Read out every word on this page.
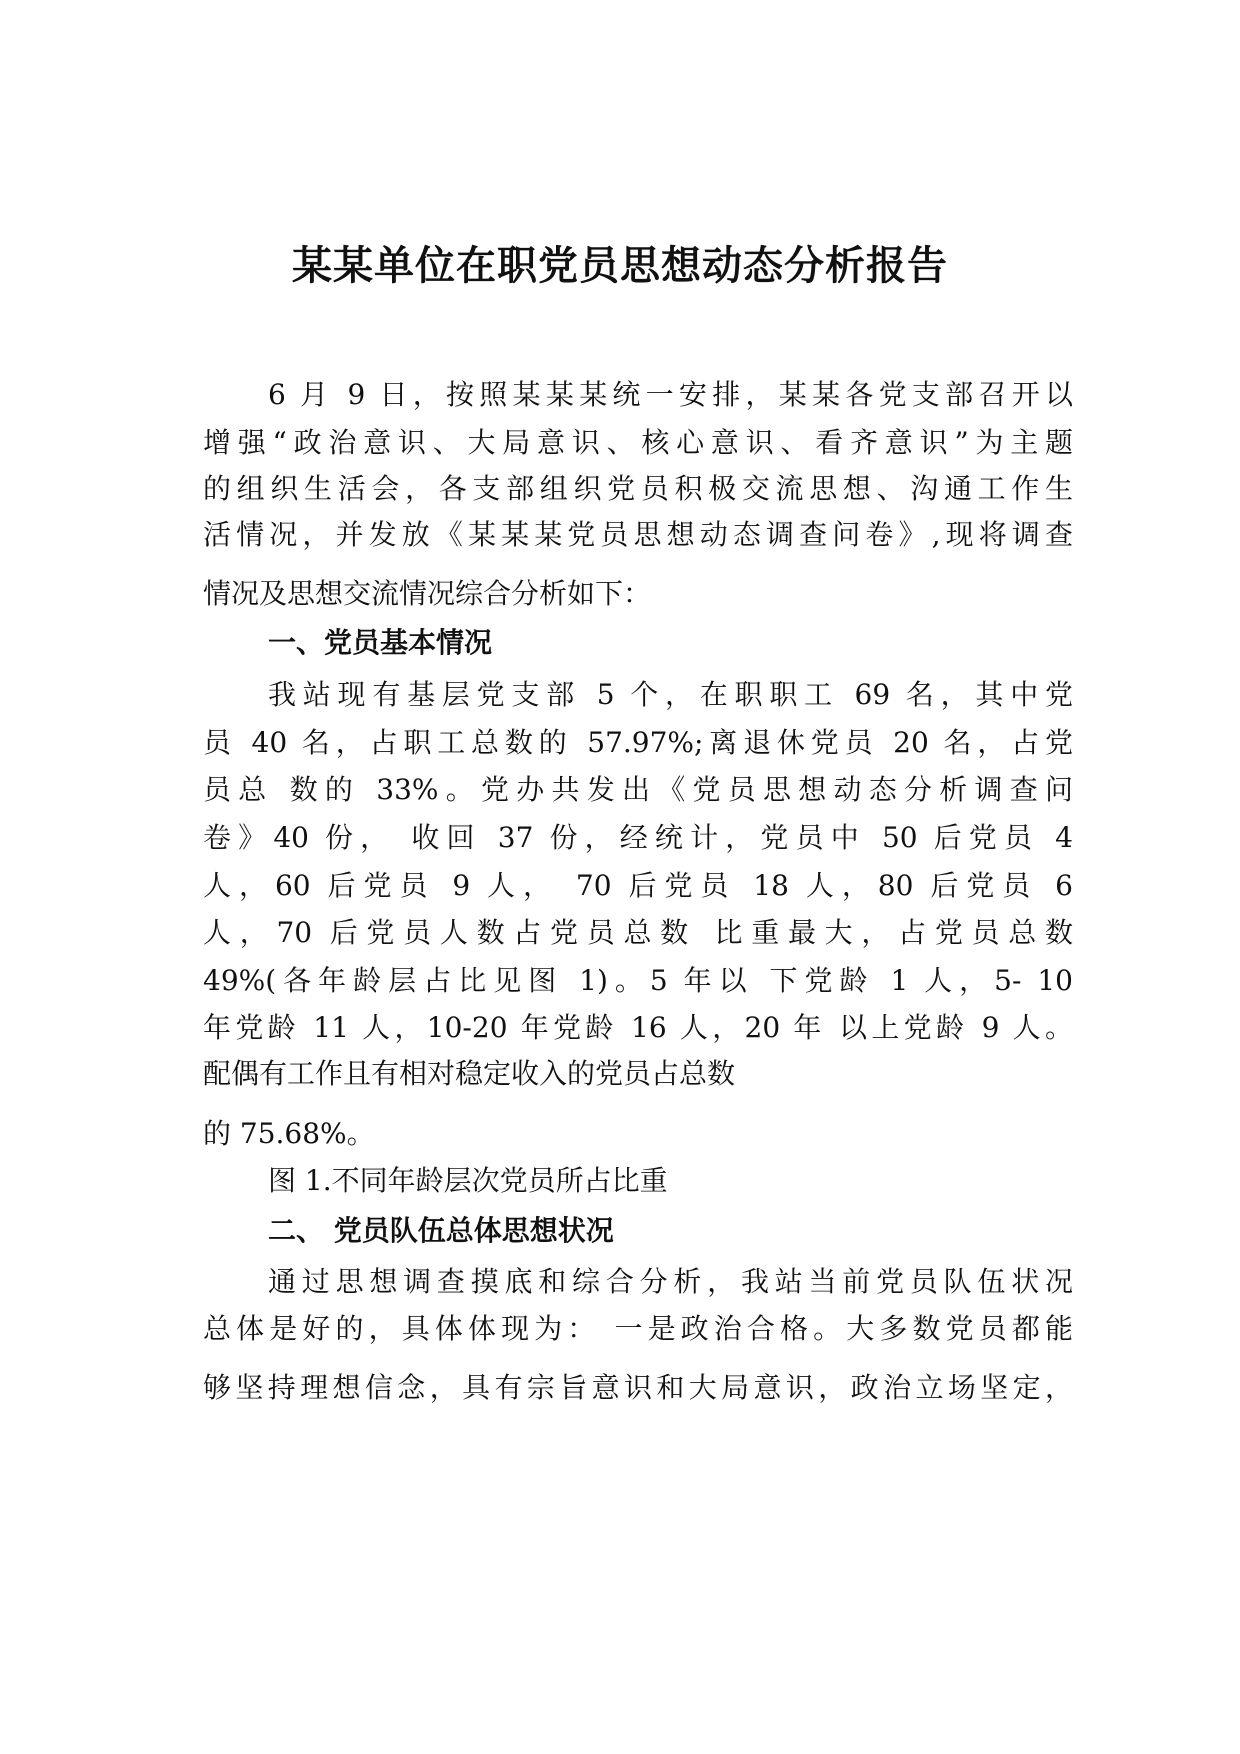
某某单位在职党员思想动态分析报告

6 月 9 日，按照某某某统一安排，某某各党支部召开以

增强“政治意识、大局意识、核心意识、看齐意识”为主题

的组织生活会，各支部组织党员积极交流思想、沟通工作生

活情况，并发放《某某某党员思想动态调查问卷》,现将调查

情况及思想交流情况综合分析如下：

一、党员基本情况

我站现有基层党支部 5 个，在职职工 69 名，其中党

员 40 名，占职工总数的 57.97%;离退休党员 20 名，占党

员总 数的 33%。党办共发出《党员思想动态分析调查问

卷》40 份， 收回 37 份，经统计，党员中 50 后党员 4

人，60 后党员 9 人， 70 后党员 18 人，80 后党员 6

人，70 后党员人数占党员总数 比重最大，占党员总数

49%(各年龄层占比见图 1)。5 年以 下党龄 1 人，5- 10

年党龄 11 人，10-20 年党龄 16 人，20 年 以上党龄 9 人。

配偶有工作且有相对稳定收入的党员占总数

的 75.68%。

图 1.不同年龄层次党员所占比重

二、 党员队伍总体思想状况

通过思想调查摸底和综合分析，我站当前党员队伍状况

总体是好的，具体体现为： 一是政治合格。大多数党员都能

够坚持理想信念，具有宗旨意识和大局意识，政治立场坚定，
